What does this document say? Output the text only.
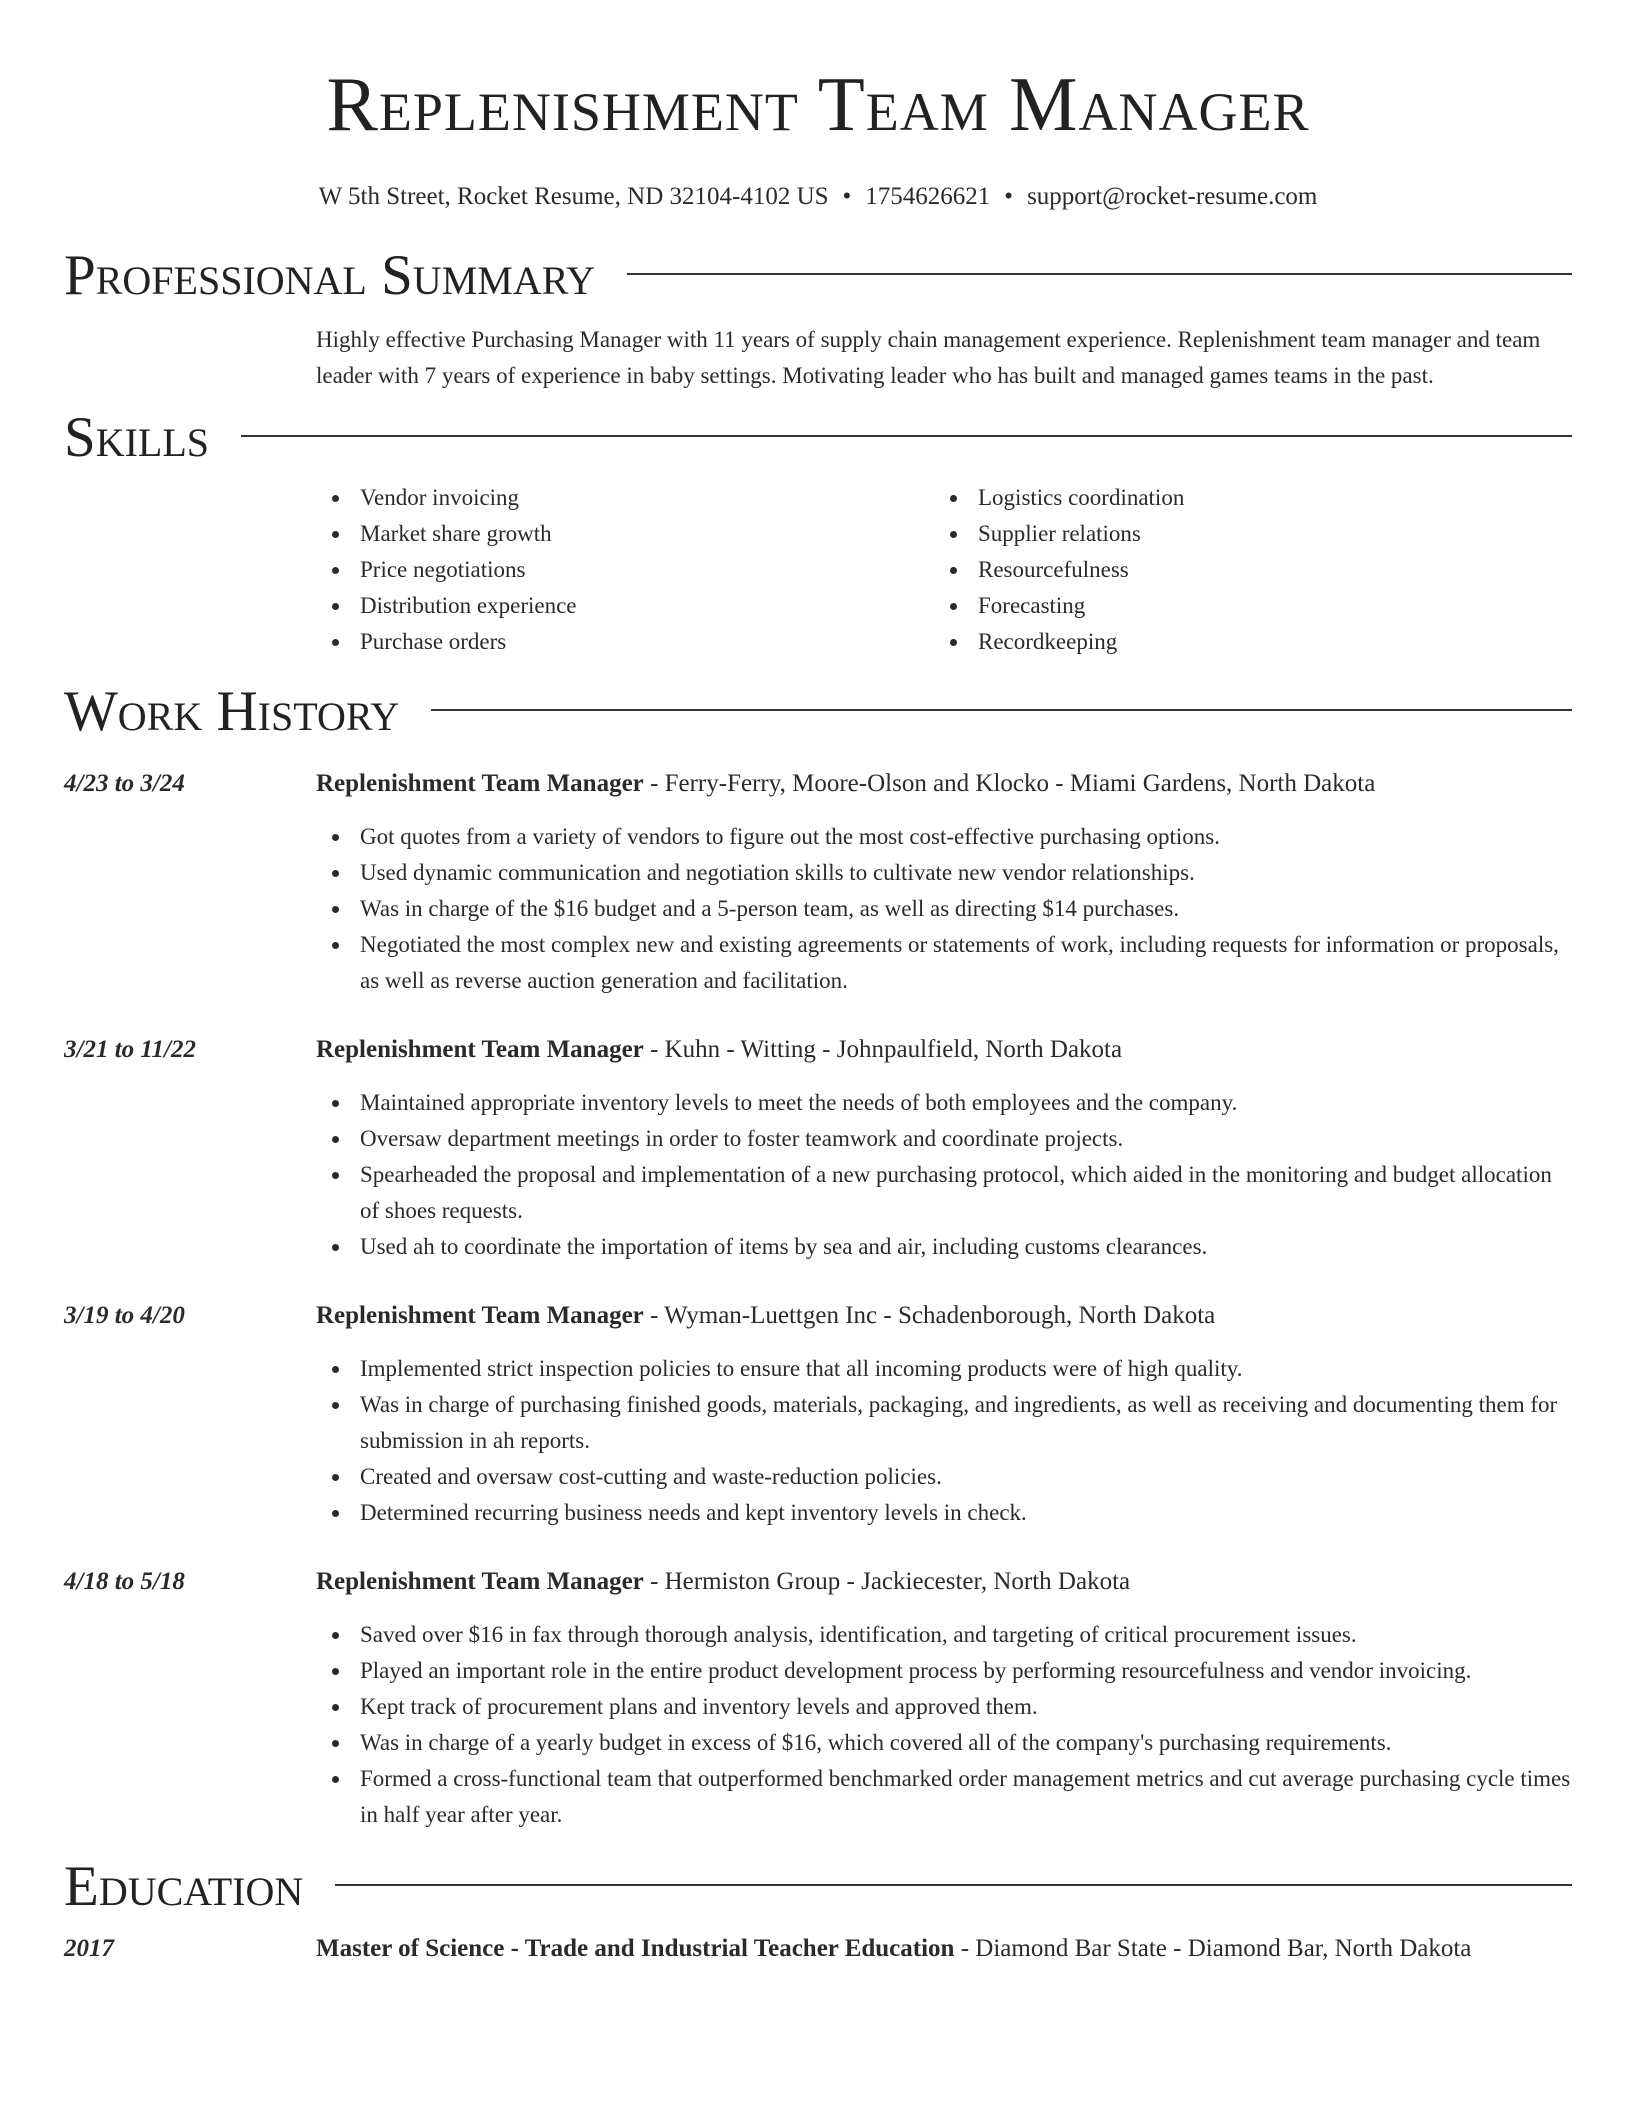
Replenishment Team Manager
W 5th Street, Rocket Resume, ND 32104-4102 US • 1754626621 • support@rocket-resume.com
Professional Summary

Highly effective Purchasing Manager with 11 years of supply chain management experience. Replenishment team manager and team leader with 7 years of experience in baby settings. Motivating leader who has built and managed games teams in the past.

Skills
Vendor invoicing
Market share growth
Price negotiations
Distribution experience
Purchase orders
Logistics coordination
Supplier relations
Resourcefulness
Forecasting
Recordkeeping
Work History
4/23 to 3/24	Replenishment Team Manager - Ferry-Ferry, Moore-Olson and Klocko - Miami Gardens, North Dakota
Got quotes from a variety of vendors to figure out the most cost-effective purchasing options.
Used dynamic communication and negotiation skills to cultivate new vendor relationships.
Was in charge of the $16 budget and a 5-person team, as well as directing $14 purchases.
Negotiated the most complex new and existing agreements or statements of work, including requests for information or proposals, as well as reverse auction generation and facilitation.
3/21 to 11/22	Replenishment Team Manager - Kuhn - Witting - Johnpaulfield, North Dakota
Maintained appropriate inventory levels to meet the needs of both employees and the company.
Oversaw department meetings in order to foster teamwork and coordinate projects.
Spearheaded the proposal and implementation of a new purchasing protocol, which aided in the monitoring and budget allocation of shoes requests.
Used ah to coordinate the importation of items by sea and air, including customs clearances.
3/19 to 4/20	Replenishment Team Manager - Wyman-Luettgen Inc - Schadenborough, North Dakota
Implemented strict inspection policies to ensure that all incoming products were of high quality.
Was in charge of purchasing finished goods, materials, packaging, and ingredients, as well as receiving and documenting them for submission in ah reports.
Created and oversaw cost-cutting and waste-reduction policies.
Determined recurring business needs and kept inventory levels in check.
4/18 to 5/18	Replenishment Team Manager - Hermiston Group - Jackiecester, North Dakota
Saved over $16 in fax through thorough analysis, identification, and targeting of critical procurement issues.
Played an important role in the entire product development process by performing resourcefulness and vendor invoicing.
Kept track of procurement plans and inventory levels and approved them.
Was in charge of a yearly budget in excess of $16, which covered all of the company's purchasing requirements.
Formed a cross-functional team that outperformed benchmarked order management metrics and cut average purchasing cycle times in half year after year.
Education
2017	Master of Science - Trade and Industrial Teacher Education - Diamond Bar State - Diamond Bar, North Dakota
